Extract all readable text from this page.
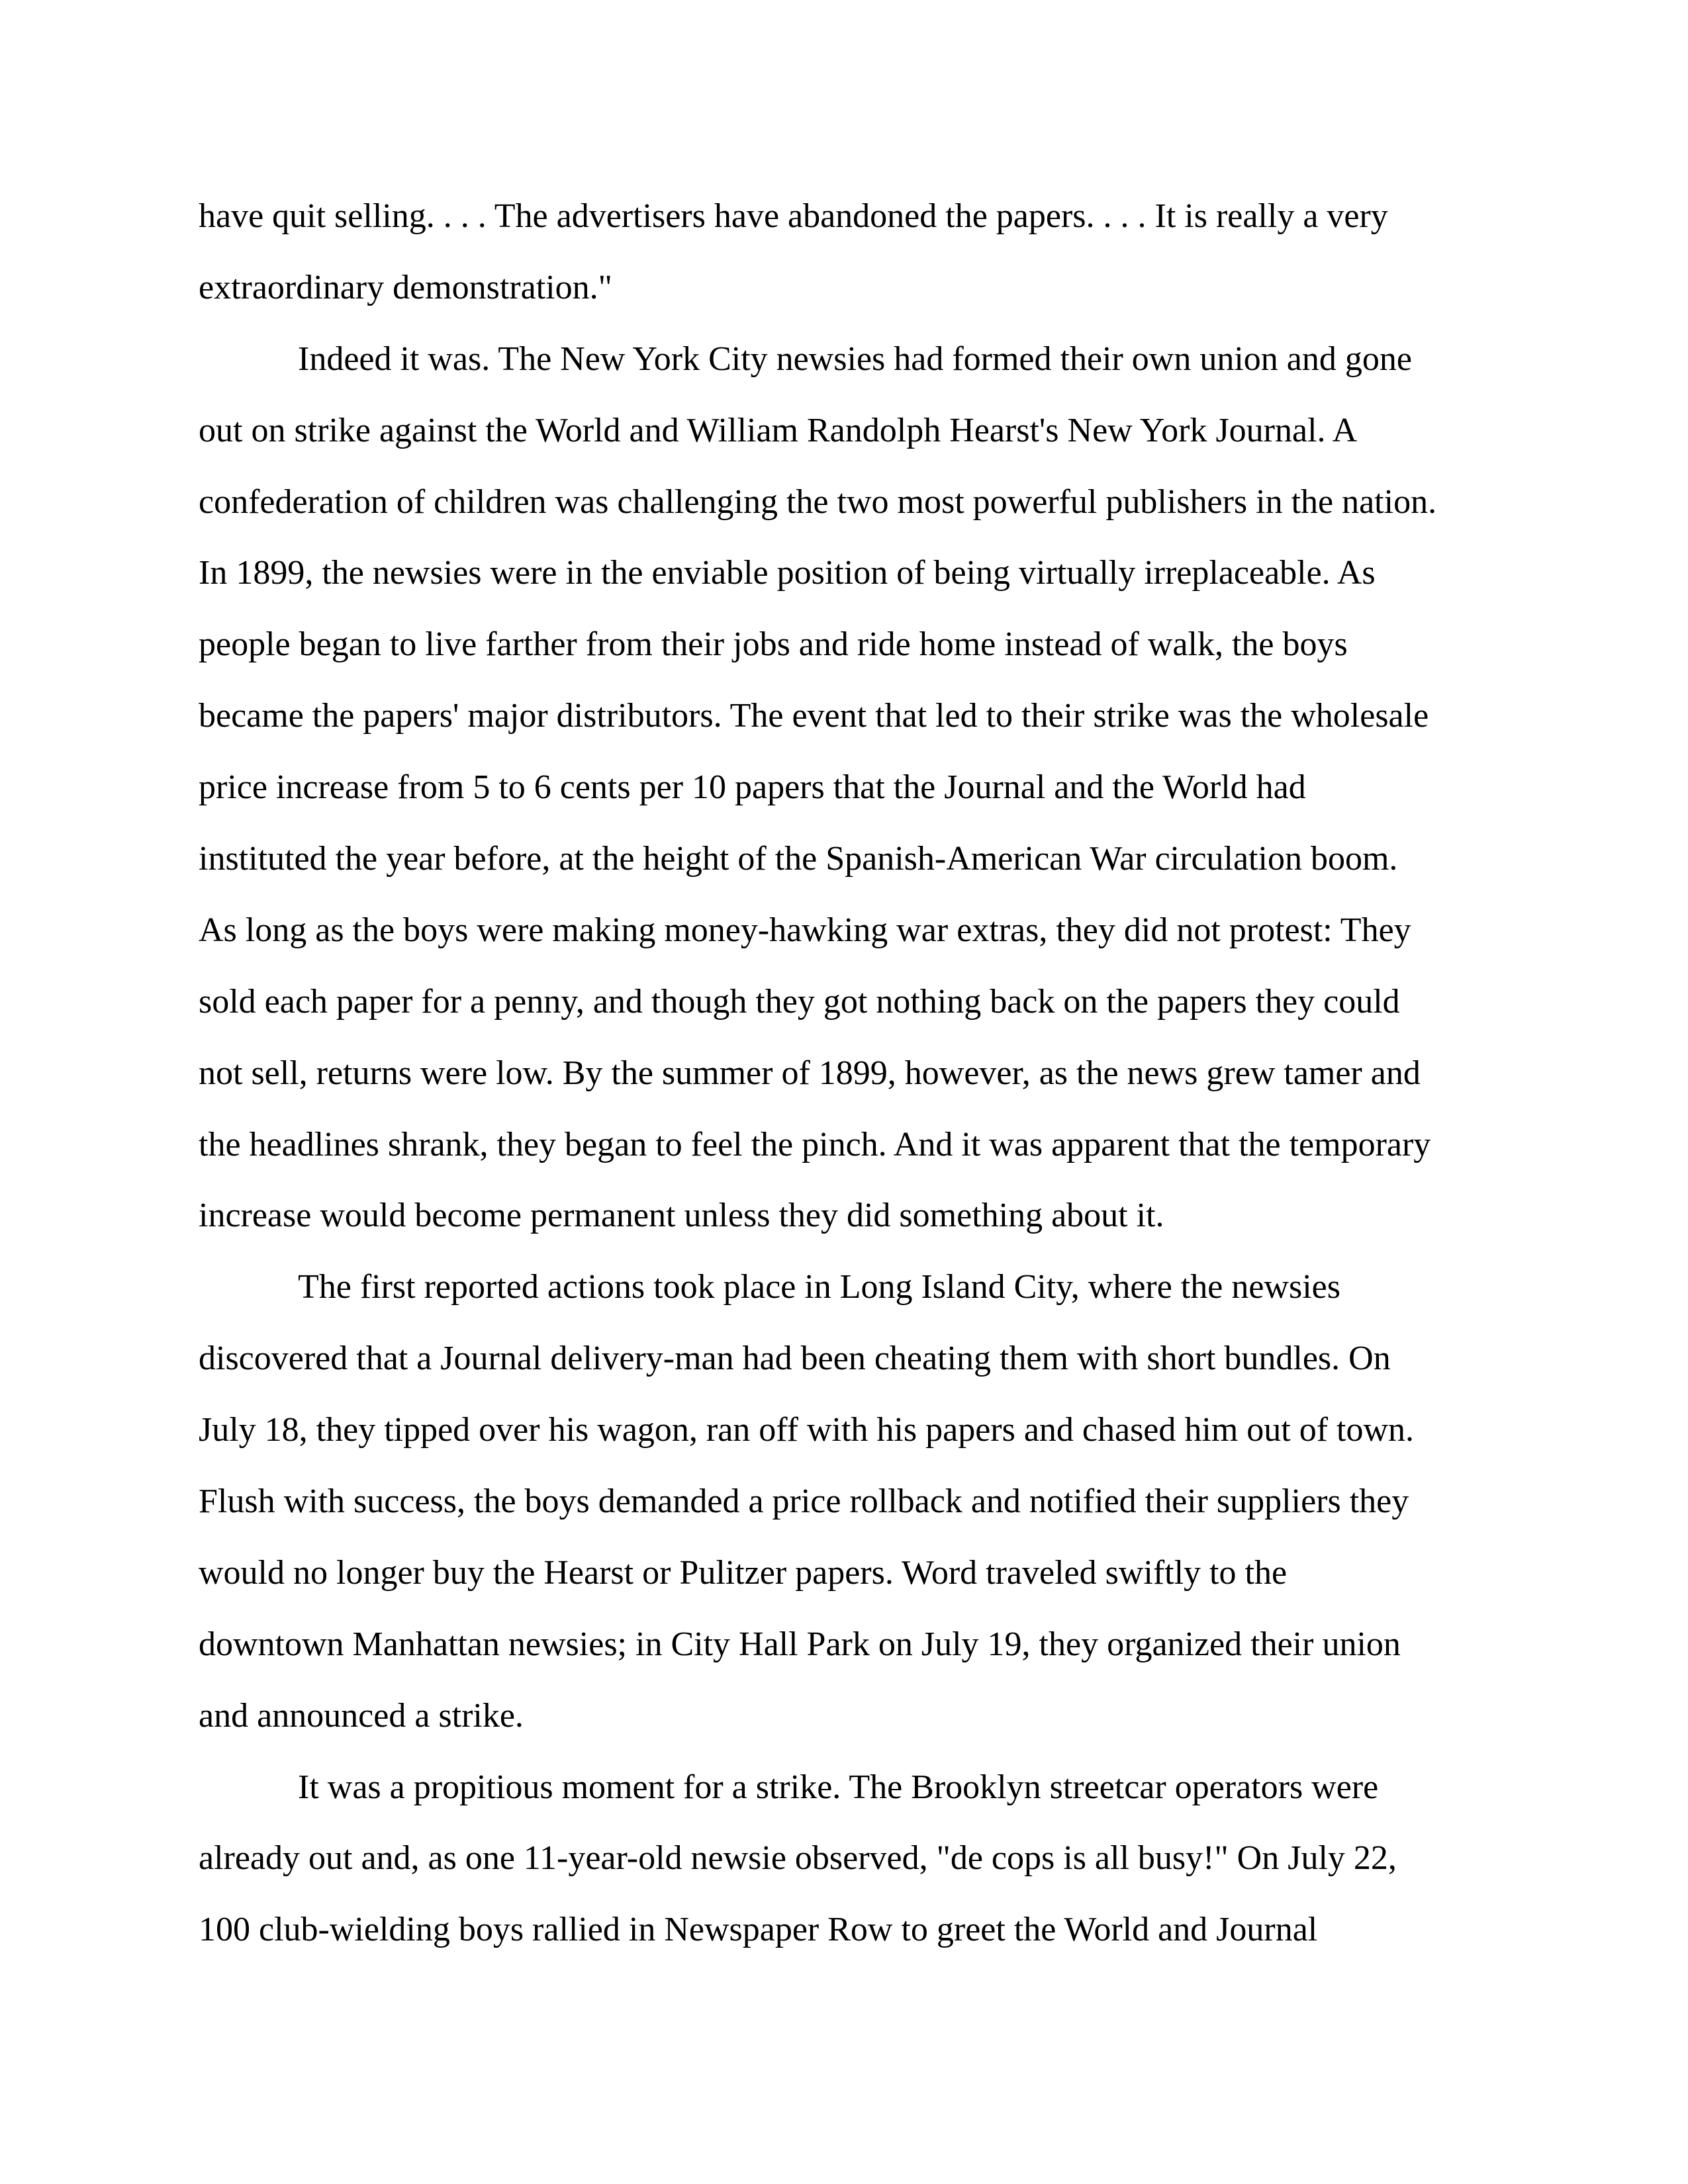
have quit selling. . . . The advertisers have abandoned the papers. . . . It is really a very
extraordinary demonstration."
Indeed it was. The New York City newsies had formed their own union and gone
out on strike against the World and William Randolph Hearst's New York Journal. A
confederation of children was challenging the two most powerful publishers in the nation.
In 1899, the newsies were in the enviable position of being virtually irreplaceable. As
people began to live farther from their jobs and ride home instead of walk, the boys
became the papers' major distributors. The event that led to their strike was the wholesale
price increase from 5 to 6 cents per 10 papers that the Journal and the World had
instituted the year before, at the height of the Spanish-American War circulation boom.
As long as the boys were making money-hawking war extras, they did not protest: They
sold each paper for a penny, and though they got nothing back on the papers they could
not sell, returns were low. By the summer of 1899, however, as the news grew tamer and
the headlines shrank, they began to feel the pinch. And it was apparent that the temporary
increase would become permanent unless they did something about it.
The first reported actions took place in Long Island City, where the newsies
discovered that a Journal delivery-man had been cheating them with short bundles. On
July 18, they tipped over his wagon, ran off with his papers and chased him out of town.
Flush with success, the boys demanded a price rollback and notified their suppliers they
would no longer buy the Hearst or Pulitzer papers. Word traveled swiftly to the
downtown Manhattan newsies; in City Hall Park on July 19, they organized their union
and announced a strike.
It was a propitious moment for a strike. The Brooklyn streetcar operators were
already out and, as one 11-year-old newsie observed, "de cops is all busy!" On July 22,
100 club-wielding boys rallied in Newspaper Row to greet the World and Journal
